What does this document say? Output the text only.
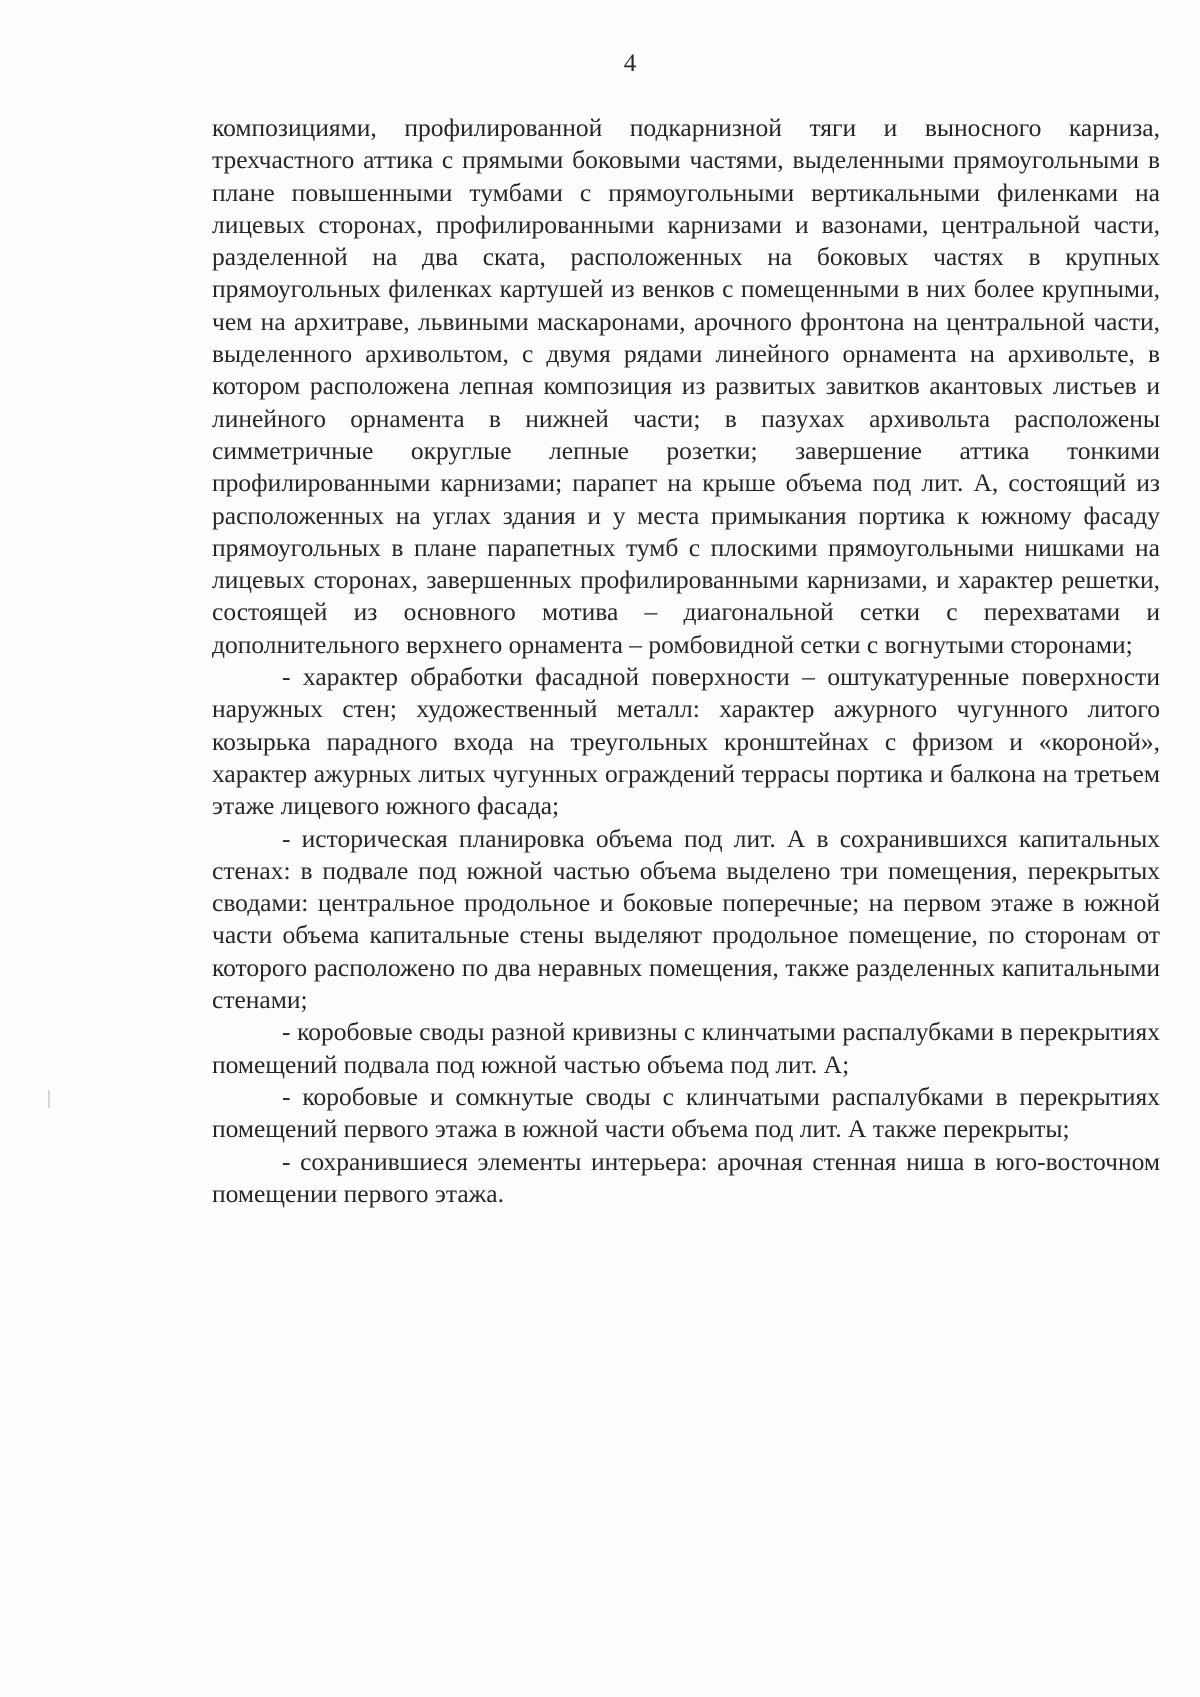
4

композициями, профилированной подкарнизной тяги и выносного карниза, трехчастного аттика с прямыми боковыми частями, выделенными прямоугольными в плане повышенными тумбами с прямоугольными вертикальными филенками на лицевых сторонах, профилированными карнизами и вазонами, центральной части, разделенной на два ската, расположенных на боковых частях в крупных прямоугольных филенках картушей из венков с помещенными в них более крупными, чем на архитраве, львиными маскаронами, арочного фронтона на центральной части, выделенного архивольтом, с двумя рядами линейного орнамента на архивольте, в котором расположена лепная композиция из развитых завитков акантовых листьев и линейного орнамента в нижней части; в пазухах архивольта расположены симметричные округлые лепные розетки; завершение аттика тонкими профилированными карнизами; парапет на крыше объема под лит. А, состоящий из расположенных на углах здания и у места примыкания портика к южному фасаду прямоугольных в плане парапетных тумб с плоскими прямоугольными нишками на лицевых сторонах, завершенных профилированными карнизами, и характер решетки, состоящей из основного мотива – диагональной сетки с перехватами и дополнительного верхнего орнамента – ромбовидной сетки с вогнутыми сторонами;

- характер обработки фасадной поверхности – оштукатуренные поверхности наружных стен; художественный металл: характер ажурного чугунного литого козырька парадного входа на треугольных кронштейнах с фризом и «короной», характер ажурных литых чугунных ограждений террасы портика и балкона на третьем этаже лицевого южного фасада;

- историческая планировка объема под лит. А в сохранившихся капитальных стенах: в подвале под южной частью объема выделено три помещения, перекрытых сводами: центральное продольное и боковые поперечные; на первом этаже в южной части объема капитальные стены выделяют продольное помещение, по сторонам от которого расположено по два неравных помещения, также разделенных капитальными стенами;

- коробовые своды разной кривизны с клинчатыми распалубками в перекрытиях помещений подвала под южной частью объема под лит. А;

- коробовые и сомкнутые своды с клинчатыми распалубками в перекрытиях помещений первого этажа в южной части объема под лит. А также перекрыты;

- сохранившиеся элементы интерьера: арочная стенная ниша в юго-восточном помещении первого этажа.
